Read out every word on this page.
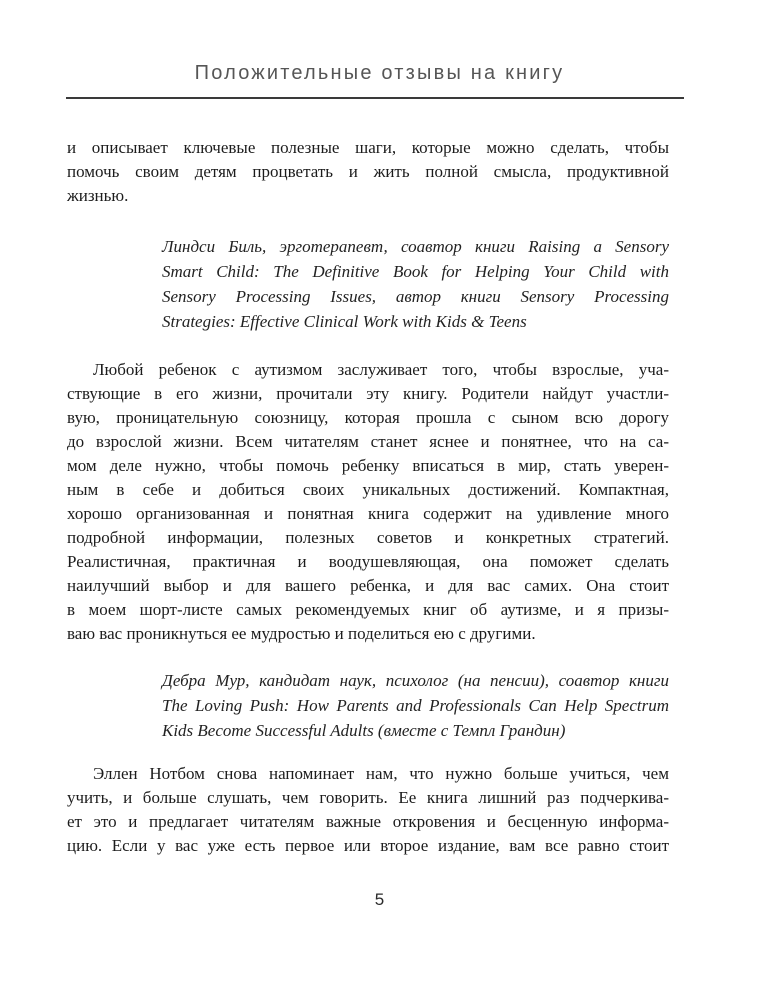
Положительные отзывы на книгу
и описывает ключевые полезные шаги, которые можно сделать, чтобы
помочь своим детям процветать и жить полной смысла, продуктивной
жизнью.
Линдси Биль, эрготерапевт, соавтор книги Raising a Sensory
Smart Child: The Definitive Book for Helping Your Child with
Sensory Processing Issues, автор книги Sensory Processing
Strategies: Effective Clinical Work with Kids & Teens
Любой ребенок с аутизмом заслуживает того, чтобы взрослые, уча-
ствующие в его жизни, прочитали эту книгу. Родители найдут участли-
вую, проницательную союзницу, которая прошла с сыном всю дорогу
до взрослой жизни. Всем читателям станет яснее и понятнее, что на са-
мом деле нужно, чтобы помочь ребенку вписаться в мир, стать уверен-
ным в себе и добиться своих уникальных достижений. Компактная,
хорошо организованная и понятная книга содержит на удивление много
подробной информации, полезных советов и конкретных стратегий.
Реалистичная, практичная и воодушевляющая, она поможет сделать
наилучший выбор и для вашего ребенка, и для вас самих. Она стоит
в моем шорт-листе самых рекомендуемых книг об аутизме, и я призы-
ваю вас проникнуться ее мудростью и поделиться ею с другими.
Дебра Мур, кандидат наук, психолог (на пенсии), соавтор книги
The Loving Push: How Parents and Professionals Can Help Spectrum
Kids Become Successful Adults (вместе с Темпл Грандин)
Эллен Нотбом снова напоминает нам, что нужно больше учиться, чем
учить, и больше слушать, чем говорить. Ее книга лишний раз подчеркива-
ет это и предлагает читателям важные откровения и бесценную информа-
цию. Если у вас уже есть первое или второе издание, вам все равно стоит
5
